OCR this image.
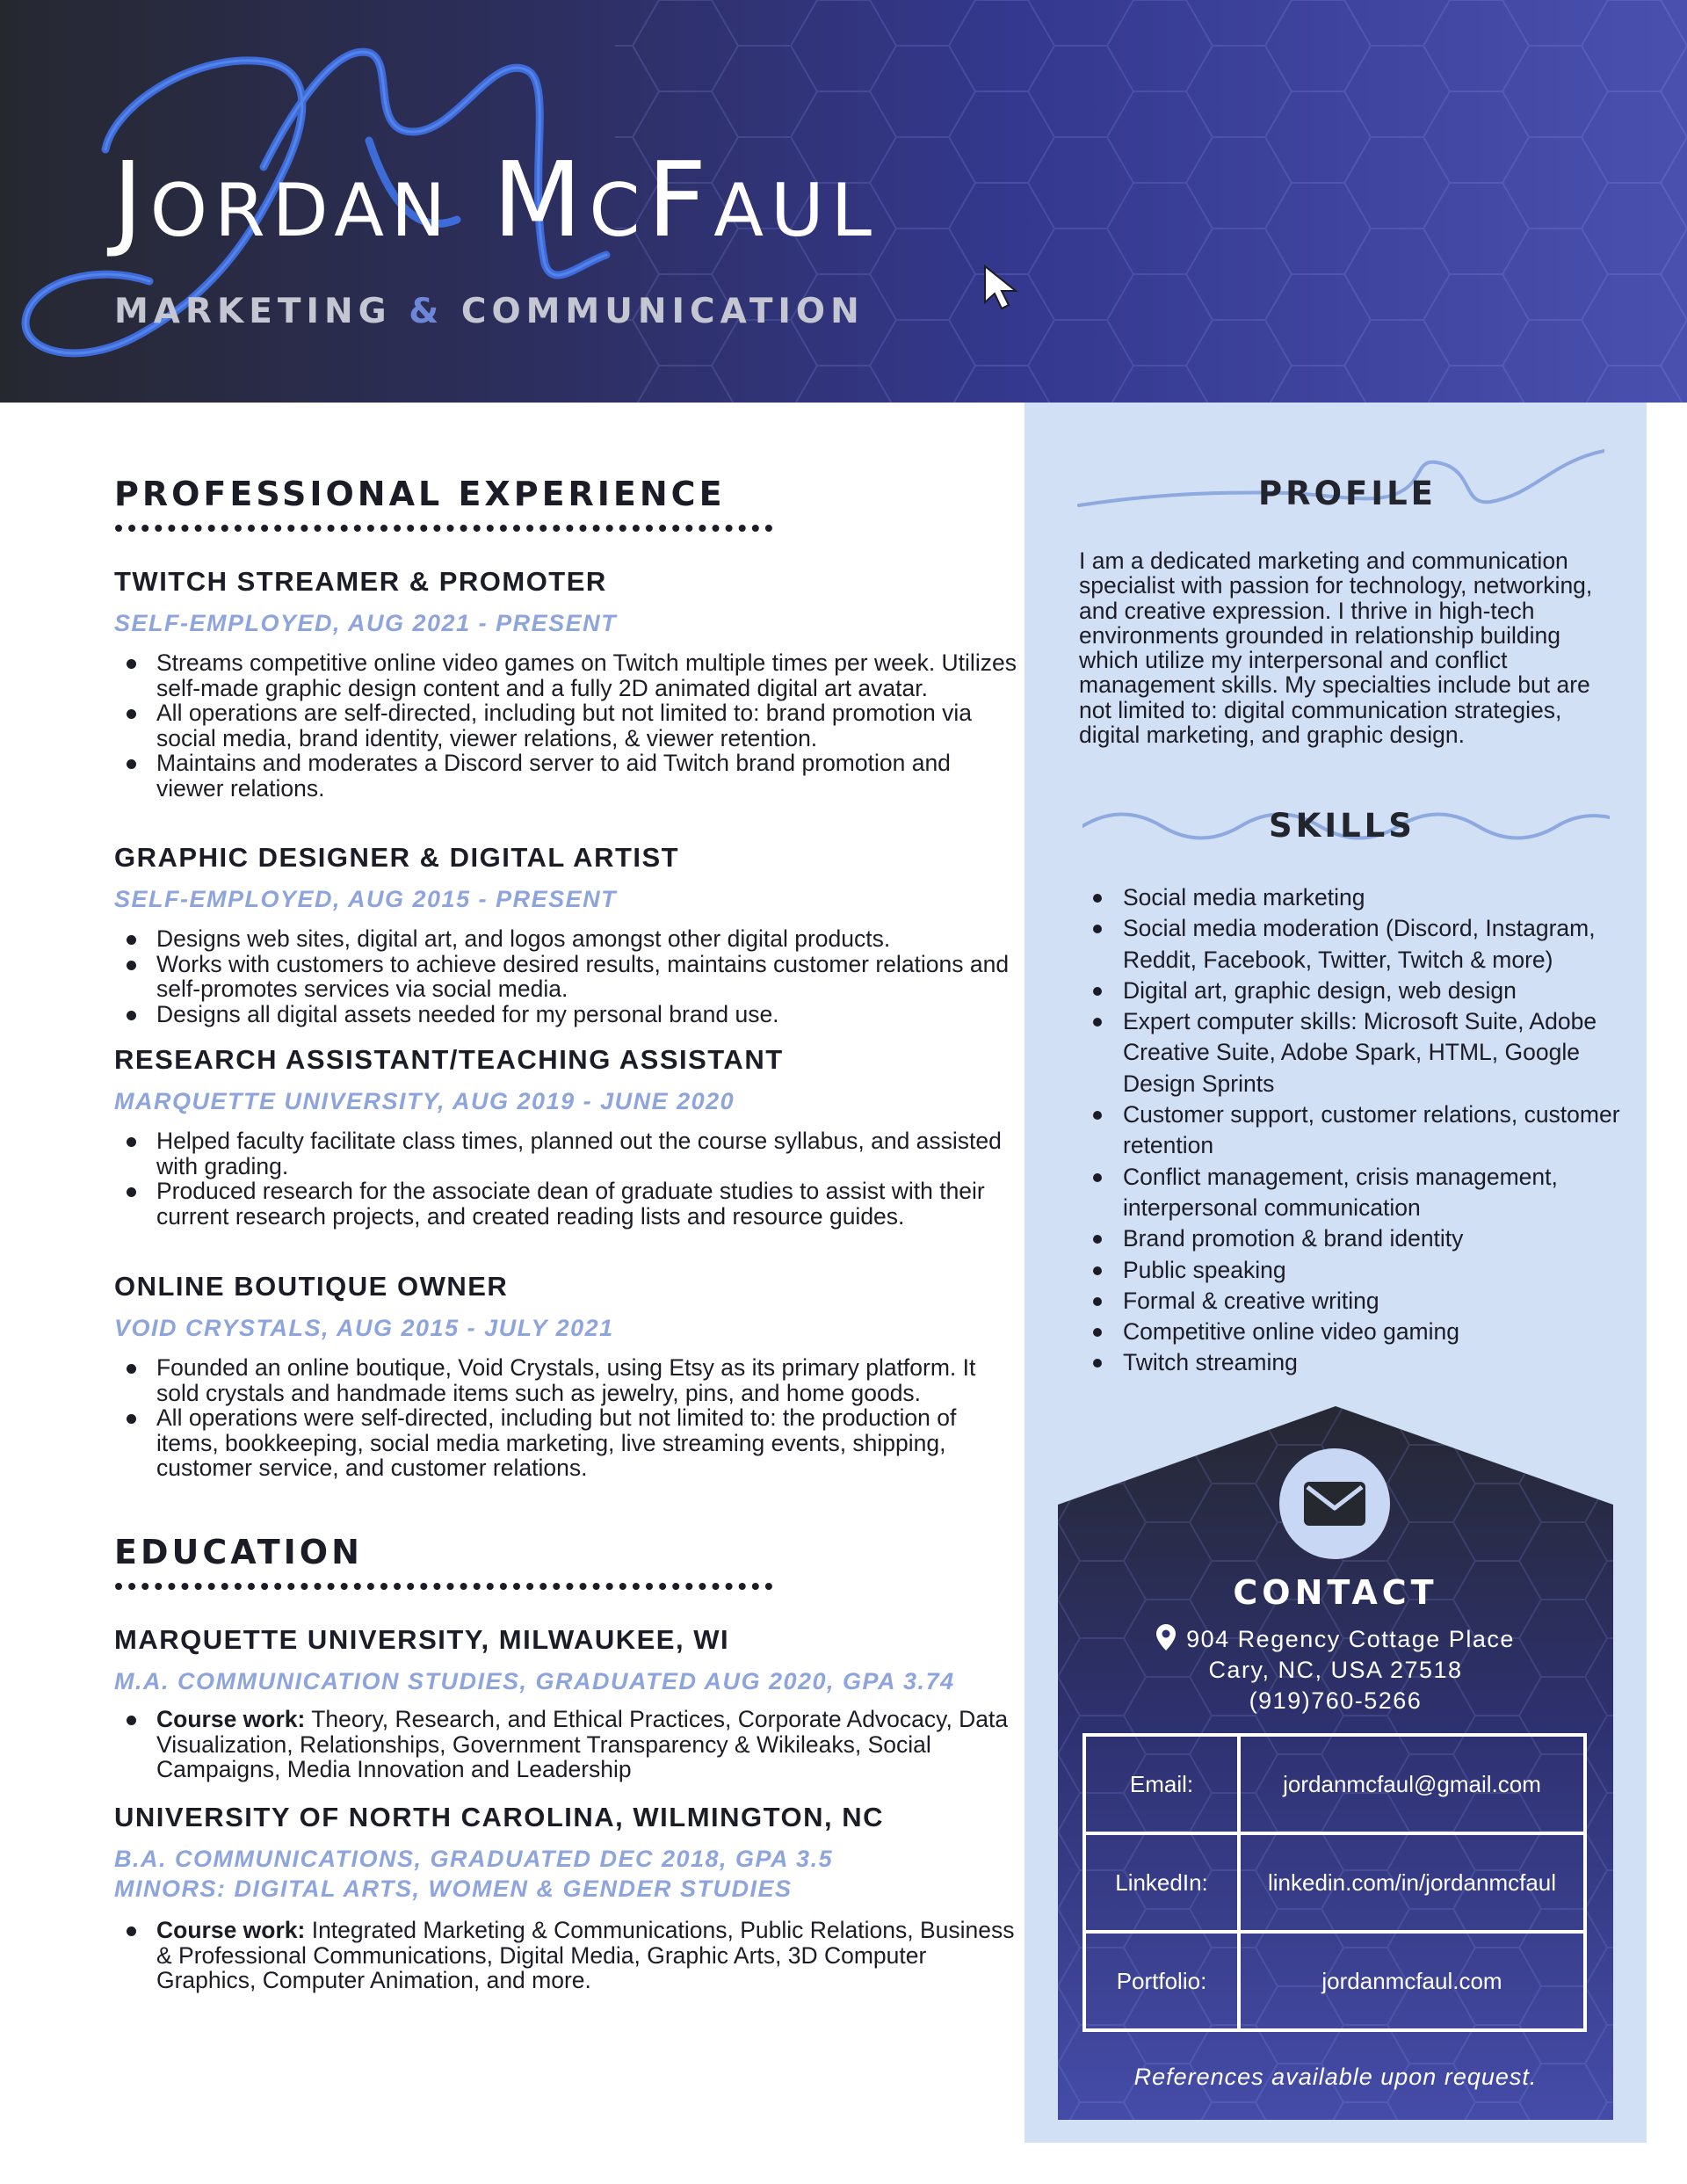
Jordan McFaul

MARKETING & COMMUNICATION

PROFESSIONAL EXPERIENCE
TWITCH STREAMER & PROMOTER

SELF-EMPLOYED, AUG 2021 - PRESENT

Streams competitive online video games on Twitch multiple times per week. Utilizes self-made graphic design content and a fully 2D animated digital art avatar.
All operations are self-directed, including but not limited to: brand promotion via social media, brand identity, viewer relations, & viewer retention.
Maintains and moderates a Discord server to aid Twitch brand promotion and viewer relations.
GRAPHIC DESIGNER & DIGITAL ARTIST

SELF-EMPLOYED, AUG 2015 - PRESENT

Designs web sites, digital art, and logos amongst other digital products.
Works with customers to achieve desired results, maintains customer relations and self-promotes services via social media.
Designs all digital assets needed for my personal brand use.
RESEARCH ASSISTANT/TEACHING ASSISTANT

MARQUETTE UNIVERSITY, AUG 2019 - JUNE 2020

Helped faculty facilitate class times, planned out the course syllabus, and assisted with grading.
Produced research for the associate dean of graduate studies to assist with their current research projects, and created reading lists and resource guides.
ONLINE BOUTIQUE OWNER

VOID CRYSTALS, AUG 2015 - JULY 2021

Founded an online boutique, Void Crystals, using Etsy as its primary platform. It sold crystals and handmade items such as jewelry, pins, and home goods.
All operations were self-directed, including but not limited to: the production of items, bookkeeping, social media marketing, live streaming events, shipping, customer service, and customer relations.
EDUCATION
MARQUETTE UNIVERSITY, MILWAUKEE, WI

M.A. COMMUNICATION STUDIES, GRADUATED AUG 2020, GPA 3.74

Course work: Theory, Research, and Ethical Practices, Corporate Advocacy, Data Visualization, Relationships, Government Transparency & Wikileaks, Social Campaigns, Media Innovation and Leadership
UNIVERSITY OF NORTH CAROLINA, WILMINGTON, NC

B.A. COMMUNICATIONS, GRADUATED DEC 2018, GPA 3.5

MINORS: DIGITAL ARTS, WOMEN & GENDER STUDIES

Course work: Integrated Marketing & Communications, Public Relations, Business & Professional Communications, Digital Media, Graphic Arts, 3D Computer Graphics, Computer Animation, and more.
PROFILE

I am a dedicated marketing and communication specialist with passion for technology, networking, and creative expression. I thrive in high-tech environments grounded in relationship building which utilize my interpersonal and conflict management skills. My specialties include but are not limited to: digital communication strategies, digital marketing, and graphic design.

SKILLS
Social media marketing
Social media moderation (Discord, Instagram, Reddit, Facebook, Twitter, Twitch & more)
Digital art, graphic design, web design
Expert computer skills: Microsoft Suite, Adobe Creative Suite, Adobe Spark, HTML, Google Design Sprints
Customer support, customer relations, customer retention
Conflict management, crisis management, interpersonal communication
Brand promotion & brand identity
Public speaking
Formal & creative writing
Competitive online video gaming
Twitch streaming
CONTACT
904 Regency Cottage Place
Cary, NC, USA 27518
(919)760-5266
Email:	jordanmcfaul@gmail.com
LinkedIn:	linkedin.com/in/jordanmcfaul
Portfolio:	jordanmcfaul.com
References available upon request.
